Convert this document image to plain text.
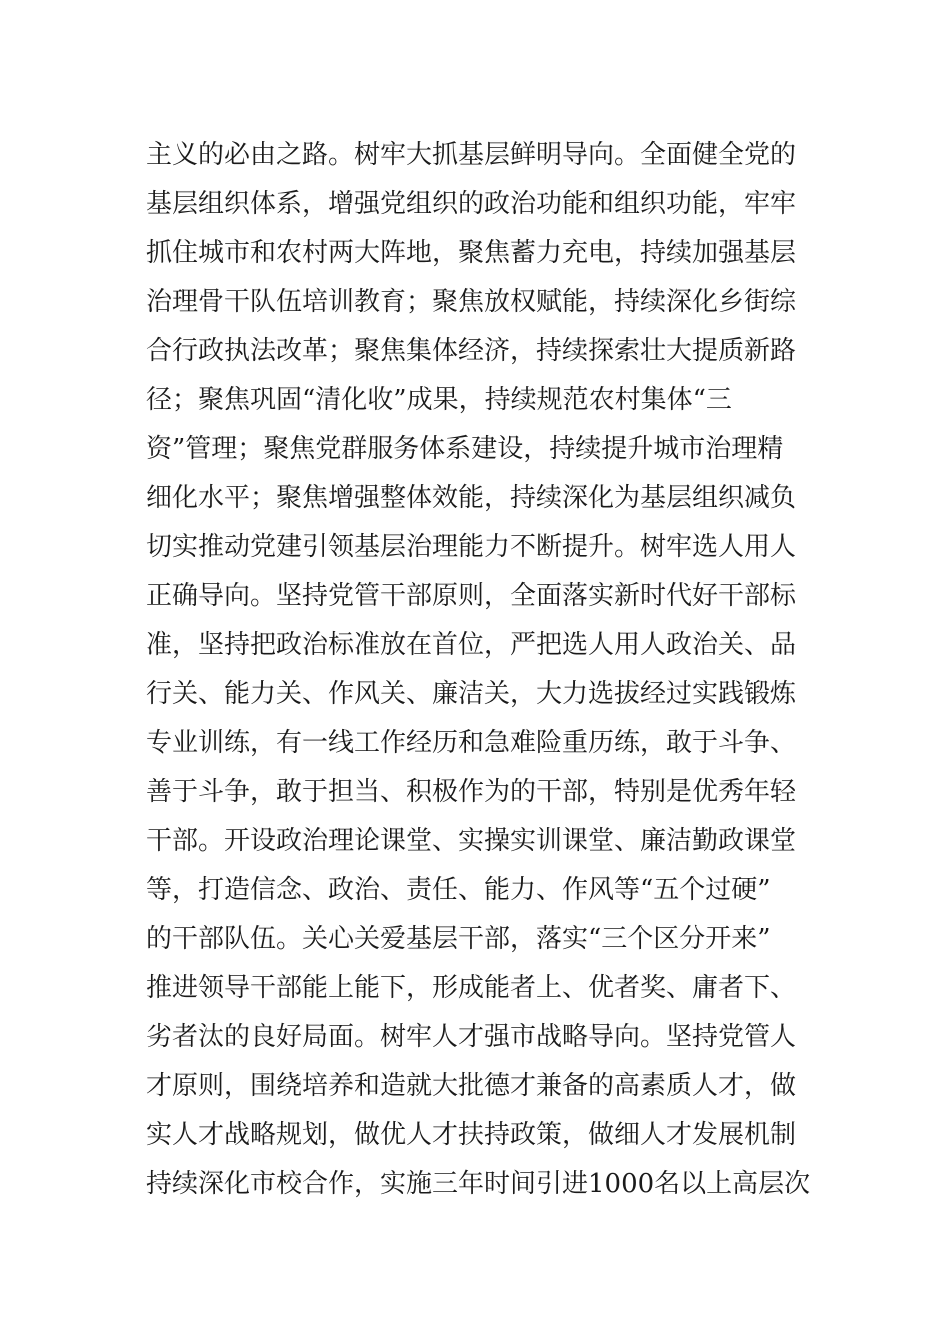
主义的必由之路。树牢大抓基层鲜明导向。全面健全党的
基层组织体系，增强党组织的政治功能和组织功能，牢牢
抓住城市和农村两大阵地，聚焦蓄力充电，持续加强基层
治理骨干队伍培训教育；聚焦放权赋能，持续深化乡街综
合行政执法改革；聚焦集体经济，持续探索壮大提质新路
径；聚焦巩固“清化收”成果，持续规范农村集体“三
资”管理；聚焦党群服务体系建设，持续提升城市治理精
细化水平；聚焦增强整体效能，持续深化为基层组织减负
切实推动党建引领基层治理能力不断提升。树牢选人用人
正确导向。坚持党管干部原则，全面落实新时代好干部标
准，坚持把政治标准放在首位，严把选人用人政治关、品
行关、能力关、作风关、廉洁关，大力选拔经过实践锻炼
专业训练，有一线工作经历和急难险重历练，敢于斗争、
善于斗争，敢于担当、积极作为的干部，特别是优秀年轻
干部。开设政治理论课堂、实操实训课堂、廉洁勤政课堂
等，打造信念、政治、责任、能力、作风等“五个过硬”
的干部队伍。关心关爱基层干部，落实“三个区分开来”
推进领导干部能上能下，形成能者上、优者奖、庸者下、
劣者汰的良好局面。树牢人才强市战略导向。坚持党管人
才原则，围绕培养和造就大批德才兼备的高素质人才，做
实人才战略规划，做优人才扶持政策，做细人才发展机制
持续深化市校合作，实施三年时间引进1000名以上高层次
